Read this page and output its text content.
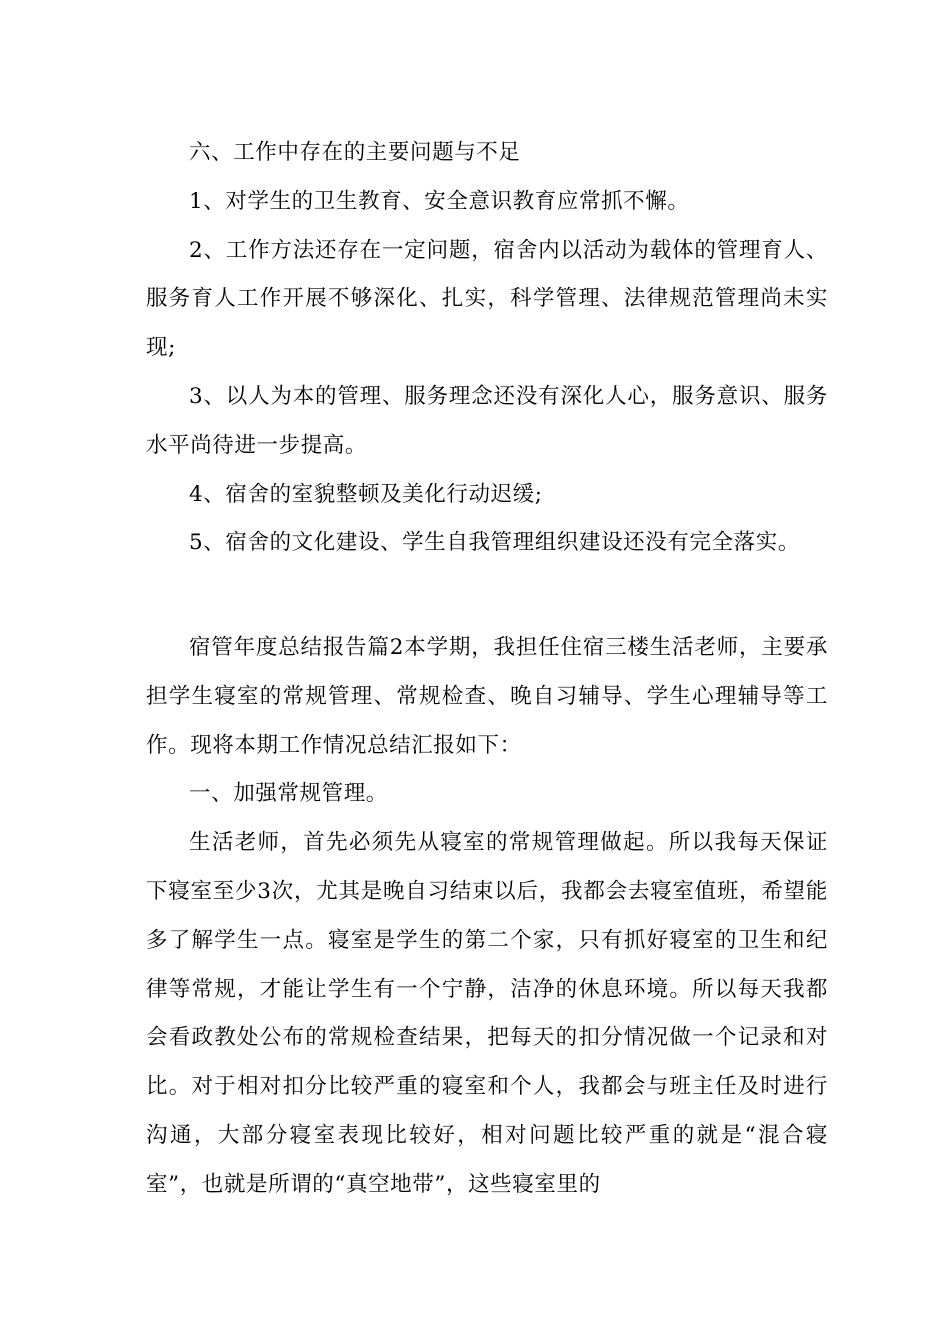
六、工作中存在的主要问题与不足

1、对学生的卫生教育、安全意识教育应常抓不懈。

2、工作方法还存在一定问题，宿舍内以活动为载体的管理育人、服务育人工作开展不够深化、扎实，科学管理、法律规范管理尚未实现;

3、以人为本的管理、服务理念还没有深化人心，服务意识、服务水平尚待进一步提高。

4、宿舍的室貌整顿及美化行动迟缓;

5、宿舍的文化建设、学生自我管理组织建设还没有完全落实。

宿管年度总结报告篇2本学期，我担任住宿三楼生活老师，主要承担学生寝室的常规管理、常规检查、晚自习辅导、学生心理辅导等工作。现将本期工作情况总结汇报如下：

一、加强常规管理。

生活老师，首先必须先从寝室的常规管理做起。所以我每天保证下寝室至少3次，尤其是晚自习结束以后，我都会去寝室值班，希望能多了解学生一点。寝室是学生的第二个家，只有抓好寝室的卫生和纪律等常规，才能让学生有一个宁静，洁净的休息环境。所以每天我都会看政教处公布的常规检查结果，把每天的扣分情况做一个记录和对比。对于相对扣分比较严重的寝室和个人，我都会与班主任及时进行沟通，大部分寝室表现比较好，相对问题比较严重的就是“混合寝室”，也就是所谓的“真空地带”，这些寝室里的
